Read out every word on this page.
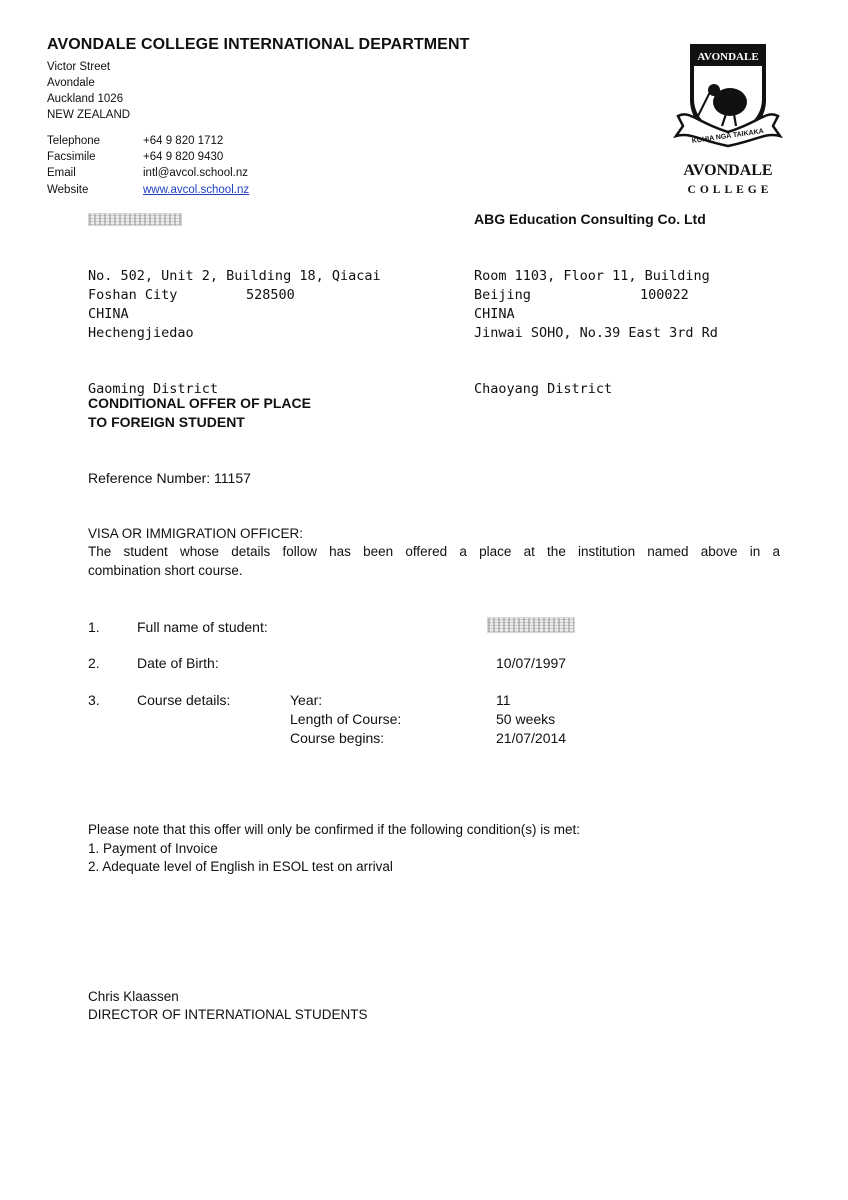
AVONDALE COLLEGE INTERNATIONAL DEPARTMENT
Victor Street
Avondale
Auckland 1026
NEW ZEALAND
Telephone	+64 9 820 1712
Facsimile	+64 9 820 9430
Email	intl@avcol.school.nz
Website	www.avcol.school.nz
AVONDALE
KOHIA NGA TAIKAKA
AVONDALE
COLLEGE

No. 502, Unit 2, Building 18, Qiacai

Hechengjiedao

Gaoming District

Foshan City	528500
CHINA
ABG Education Consulting Co. Ltd

Room 1103, Floor 11, Building

Jinwai SOHO, No.39 East 3rd Rd

Chaoyang District

Beijing	100022
CHINA
CONDITIONAL OFFER OF PLACE
TO FOREIGN STUDENT
Reference Number: 11157
VISA OR IMMIGRATION OFFICER:
The student whose details follow has been offered a place at the institution named above in a
combination short course.
1.	Full name of student:
2.	Date of Birth:	10/07/1997
3.	Course details:	Year:	11
Length of Course:	50 weeks
Course begins:	21/07/2014
Please note that this offer will only be confirmed if the following condition(s) is met:
1. Payment of Invoice
2. Adequate level of English in ESOL test on arrival
Chris Klaassen
DIRECTOR OF INTERNATIONAL STUDENTS
